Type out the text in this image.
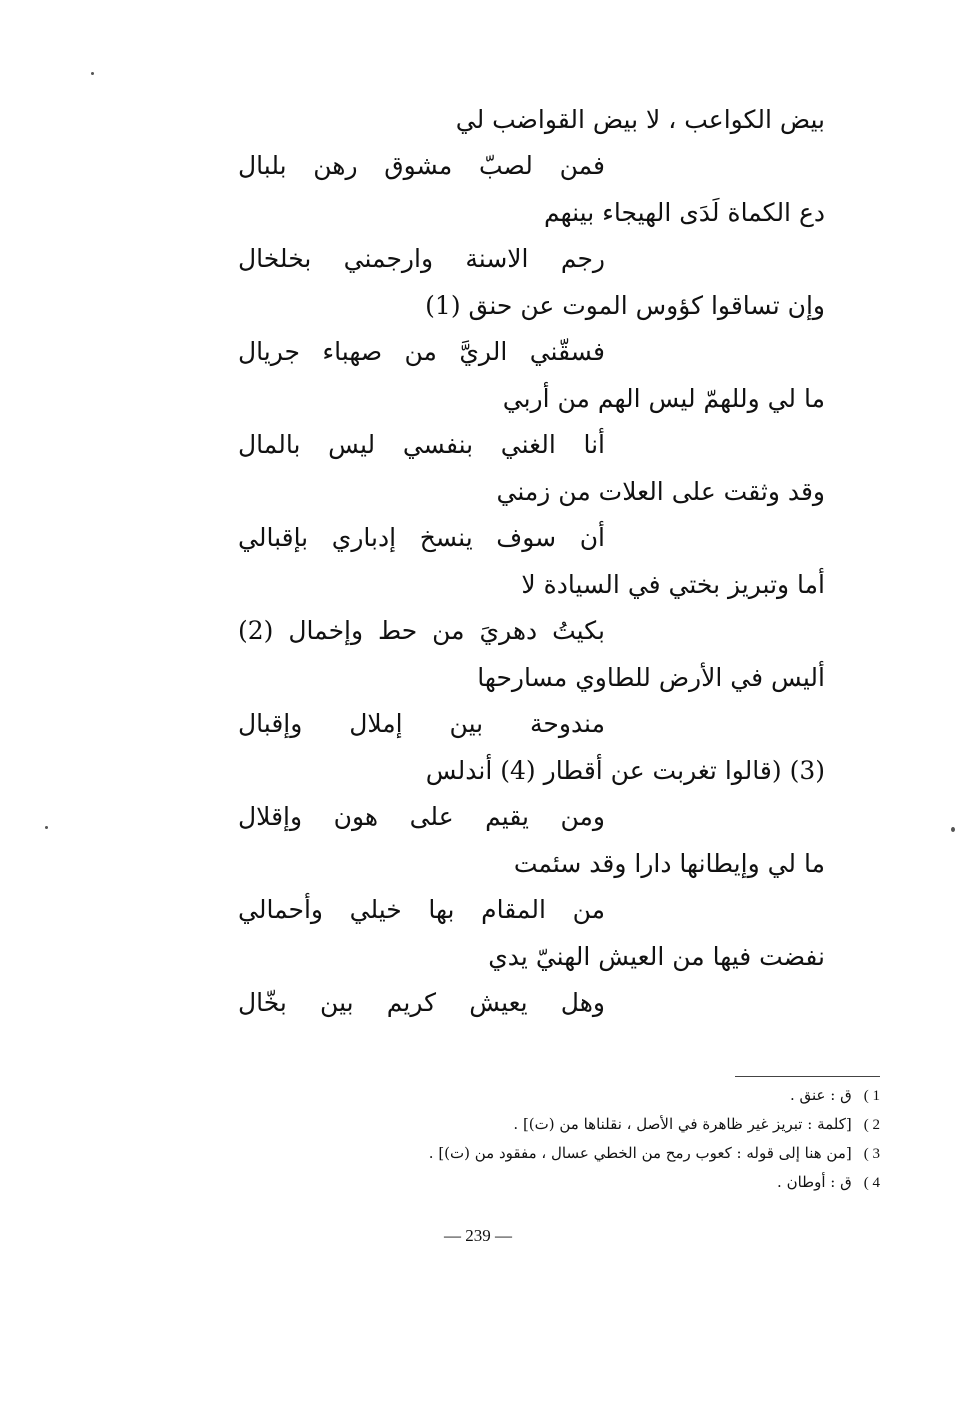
بيض الكواعب ، لا بيض القواضب لي
فمن لصبّ مشوق رهن بلبال
دع الكماة لَدَى الهيجاء بينهم
رجم الاسنة وارجمني بخلخال
وإن تساقوا كؤوس الموت عن حنق (1)
فسقّني الريَّ من صهباء جريال
ما لي وللهمّ ليس الهم من أربي
أنا الغني بنفسي ليس بالمال
وقد وثقت على العلات من زمني
أن سوف ينسخ إدباري بإقبالي
أما وتبريز بختي في السيادة لا
بكيتُ دهريَ من حط وإخمال (2)
أليس في الأرض للطاوي مسارحها
مندوحة بين إملال وإقبال
(3) (قالوا تغربت عن أقطار (4) أندلس
ومن يقيم على هون وإقلال
ما لي وإيطانها دارا وقد سئمت
من المقام بها خيلي وأحمالي
نفضت فيها من العيش الهنيّ يدي
وهل يعيش كريم بين بخّال
1 )ق : عنق .
2 )[كلمة : تبريز غير ظاهرة في الأصل ، نقلناها من (ت)] .
3 )[من هنا إلى قوله : كعوب رمح من الخطي عسال ، مفقود من (ت)] .
4 )ق : أوطان .
— 239 —
